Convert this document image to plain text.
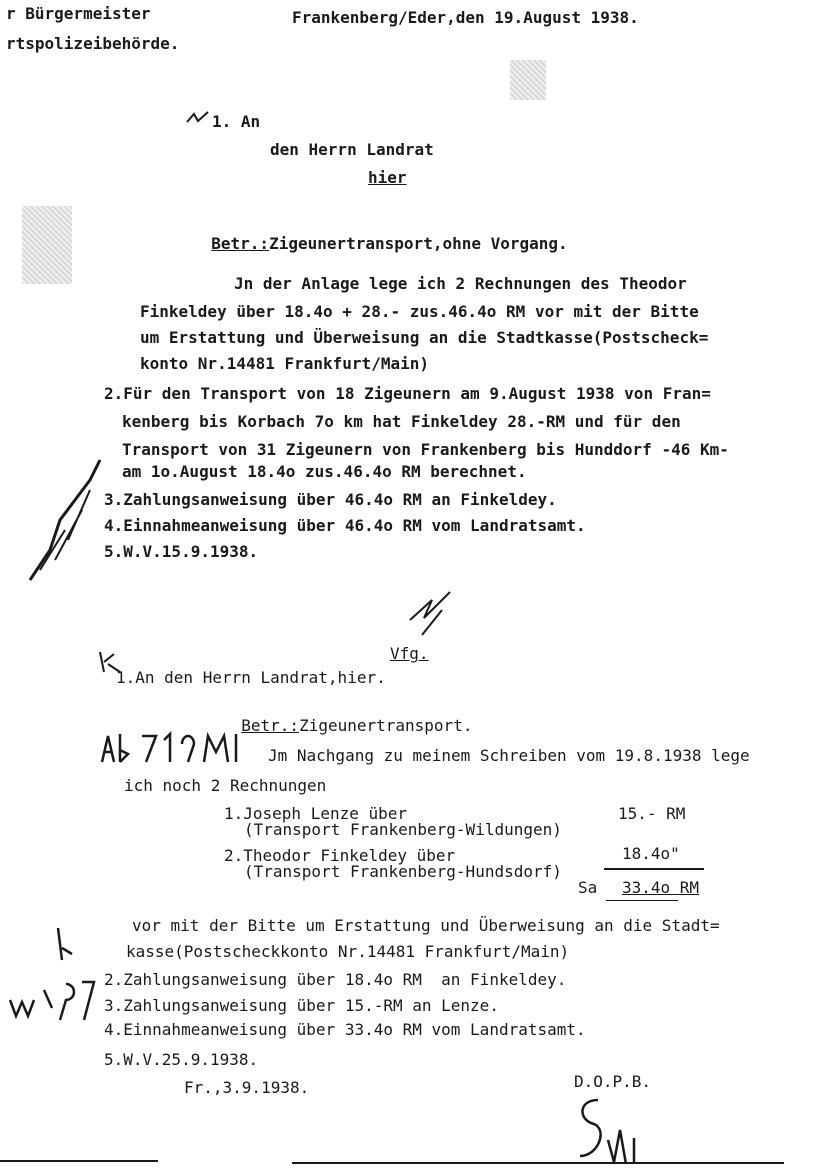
r Bürgermeister
rtspolizeibehörde.
Frankenberg/Eder,den 19.August 1938.
1. An
den Herrn Landrat
hier

Betr.:Zigeunertransport,ohne Vorgang.

Jn der Anlage lege ich 2 Rechnungen des Theodor
Finkeldey über 18.4o + 28.- zus.46.4o RM vor mit der Bitte
um Erstattung und Überweisung an die Stadtkasse(Postscheck=
konto Nr.14481 Frankfurt/Main)
2.Für den Transport von 18 Zigeunern am 9.August 1938 von Fran=
kenberg bis Korbach 7o km hat Finkeldey 28.-RM und für den
Transport von 31 Zigeunern von Frankenberg bis Hunddorf -46 Km-
am 1o.August 18.4o zus.46.4o RM berechnet.
3.Zahlungsanweisung über 46.4o RM an Finkeldey.
4.Einnahmeanweisung über 46.4o RM vom Landratsamt.
5.W.V.15.9.1938.
Vfg.
1.An den Herrn Landrat,hier.

Betr.:Zigeunertransport.

Jm Nachgang zu meinem Schreiben vom 19.8.1938 lege
ich noch 2 Rechnungen
1.Joseph Lenze über
(Transport Frankenberg-Wildungen)
15.- RM
2.Theodor Finkeldey über
(Transport Frankenberg-Hundsdorf)
18.4o"
Sa 33.4o RM
vor mit der Bitte um Erstattung und Überweisung an die Stadt=
kasse(Postscheckkonto Nr.14481 Frankfurt/Main)
2.Zahlungsanweisung über 18.4o RM  an Finkeldey.
3.Zahlungsanweisung über 15.-RM an Lenze.
4.Einnahmeanweisung über 33.4o RM vom Landratsamt.
5.W.V.25.9.1938.
Fr.,3.9.1938.	D.O.P.B.
